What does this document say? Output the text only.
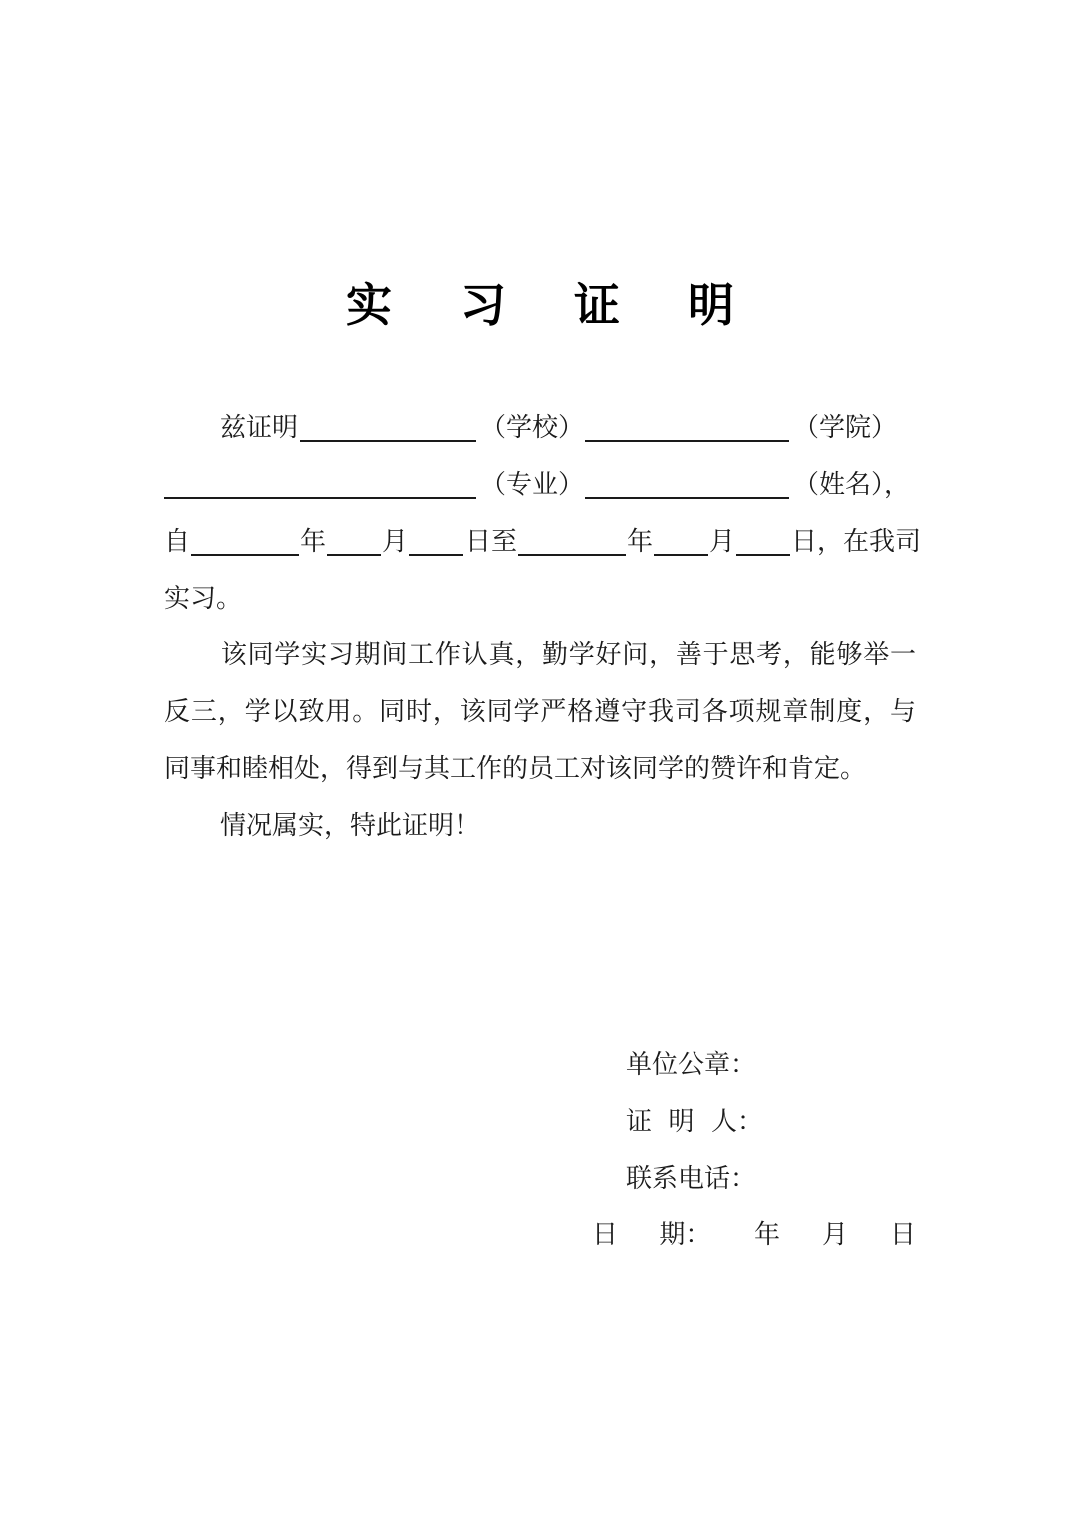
实 习 证 明
兹证明	（学校）	（学院）
（专业）	（姓名），
自	年 月 日至	年 月 日，在我司
实习。
该同学实习期间工作认真，勤学好问，善于思考，能够举一反三，学以致用。同时，该同学严格遵守我司各项规章制度，与同事和睦相处，得到与其工作的员工对该同学的赞许和肯定。
情况属实，特此证明！
单位公章：
证  明  人：
联系电话：
日     期： 年 月 日
